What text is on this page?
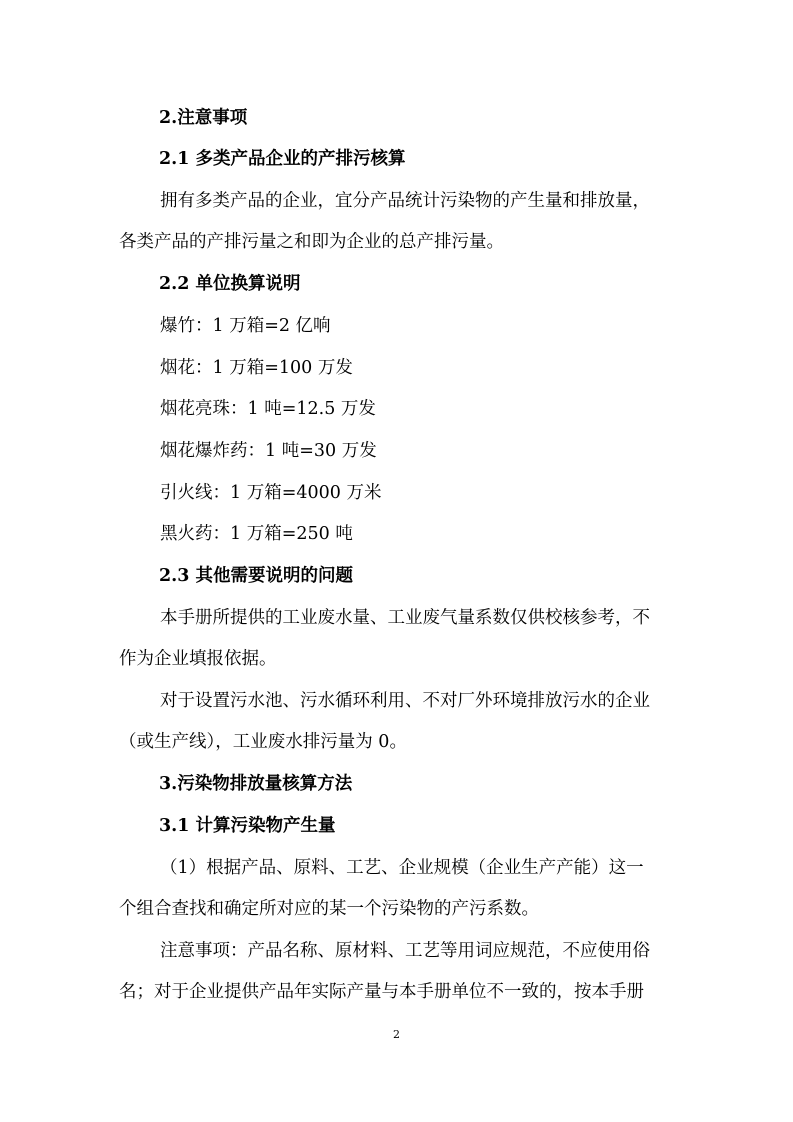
2.注意事项
2.1 多类产品企业的产排污核算
拥有多类产品的企业，宜分产品统计污染物的产生量和排放量，
各类产品的产排污量之和即为企业的总产排污量。
2.2 单位换算说明
爆竹：1 万箱=2 亿响
烟花：1 万箱=100 万发
烟花亮珠：1 吨=12.5 万发
烟花爆炸药：1 吨=30 万发
引火线：1 万箱=4000 万米
黑火药：1 万箱=250 吨
2.3 其他需要说明的问题
本手册所提供的工业废水量、工业废气量系数仅供校核参考，不
作为企业填报依据。
对于设置污水池、污水循环利用、不对厂外环境排放污水的企业
（或生产线），工业废水排污量为 0。
3.污染物排放量核算方法
3.1 计算污染物产生量
（1）根据产品、原料、工艺、企业规模（企业生产产能）这一
个组合查找和确定所对应的某一个污染物的产污系数。
注意事项：产品名称、原材料、工艺等用词应规范，不应使用俗
名；对于企业提供产品年实际产量与本手册单位不一致的，按本手册
2
